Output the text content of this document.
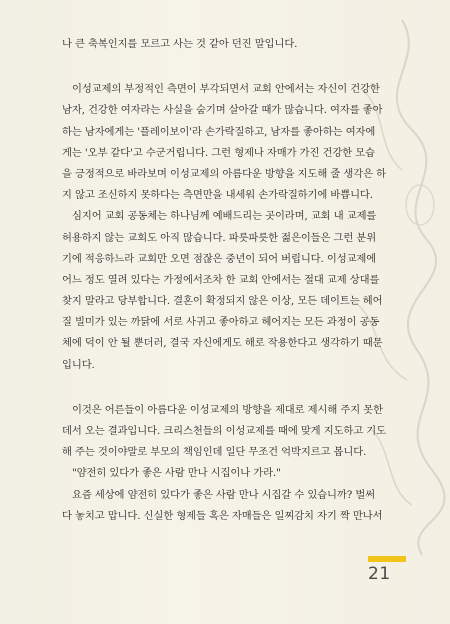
나 큰 축복인지를 모르고 사는 것 같아 던진 말입니다.
이성교제의 부정적인 측면이 부각되면서 교회 안에서는 자신이 건강한
남자, 건강한 여자라는 사실을 숨기며 살아갈 때가 많습니다. 여자를 좋아
하는 남자에게는 '플레이보이'라 손가락질하고, 남자를 좋아하는 여자에
게는 '오부 같다'고 수군거립니다. 그런 형제나 자매가 가진 건강한 모습
을 긍정적으로 바라보며 이성교제의 아름다운 방향을 지도해 줄 생각은 하
지 않고 조신하지 못하다는 측면만을 내세워 손가락질하기에 바쁩니다.
심지어 교회 공동체는 하나님께 예배드리는 곳이라며, 교회 내 교제를
허용하지 않는 교회도 아직 많습니다. 파릇파릇한 젊은이들은 그런 분위
기에 적응하느라 교회만 오면 점잖은 중년이 되어 버립니다. 이성교제에
어느 정도 열려 있다는 가정에서조차 한 교회 안에서는 절대 교제 상대를
찾지 말라고 당부합니다. 결혼이 확정되지 않은 이상, 모든 데이트는 헤어
질 빌미가 있는 까닭에 서로 사귀고 좋아하고 헤어지는 모든 과정이 공동
체에 덕이 안 될 뿐더러, 결국 자신에게도 해로 작용한다고 생각하기 때문
입니다.
이것은 어른들이 아름다운 이성교제의 방향을 제대로 제시해 주지 못한
데서 오는 결과입니다. 크리스천들의 이성교제를 때에 맞게 지도하고 기도
해 주는 것이야말로 부모의 책임인데 일단 무조건 억박지르고 봅니다.
"얌전히 있다가 좋은 사람 만나 시집이나 가라."
요즘 세상에 얌전히 있다가 좋은 사람 만나 시집갈 수 있습니까? 벌써
다 놓치고 맙니다. 신실한 형제들 혹은 자매들은 일찌감치 자기 짝 만나서
21
